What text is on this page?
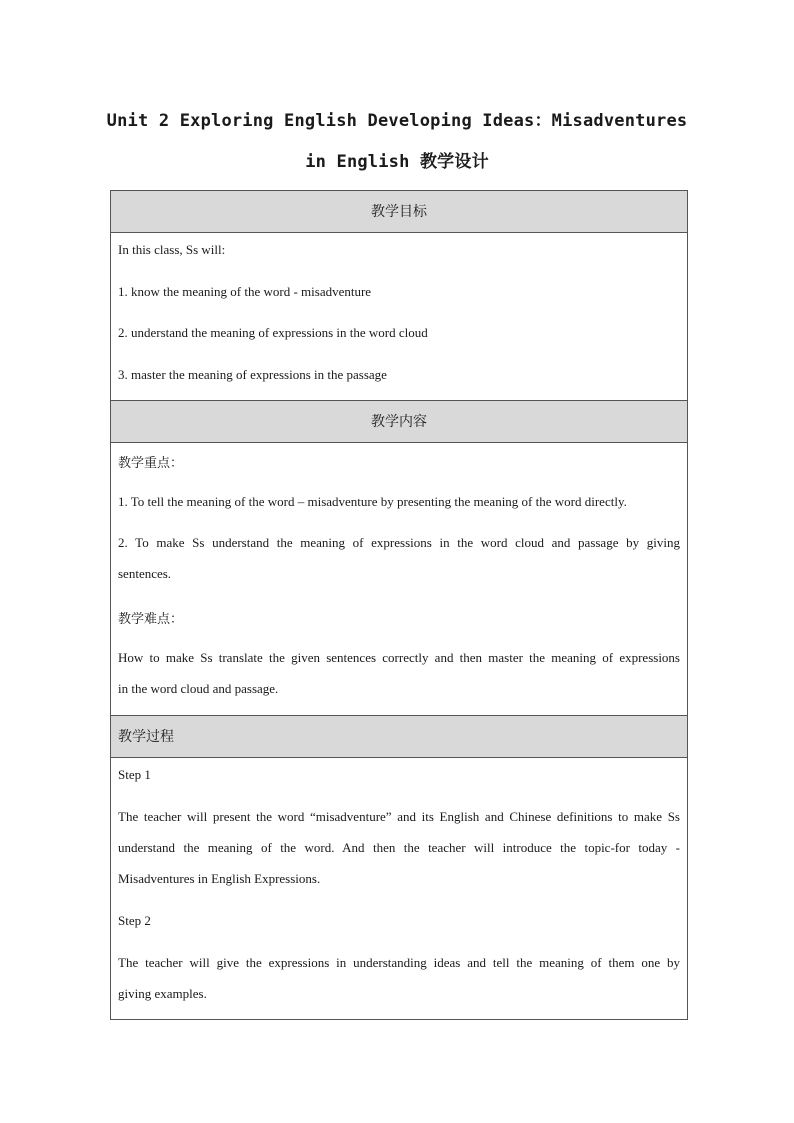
Unit 2 Exploring English Developing Ideas：Misadventures
in English 教学设计
教学目标
In this class, Ss will:
1. know the meaning of the word - misadventure
2. understand the meaning of expressions in the word cloud
3. master the meaning of expressions in the passage
教学内容
教学重点：
1. To tell the meaning of the word – misadventure by presenting the meaning of the word directly.
2. To make Ss understand the meaning of expressions in the word cloud and passage by giving
sentences.
教学难点：
How to make Ss translate the given sentences correctly and then master the meaning of expressions
in the word cloud and passage.
教学过程
Step 1
The teacher will present the word “misadventure” and its English and Chinese definitions to make Ss
understand the meaning of the word. And then the teacher will introduce the topic-for today -
Misadventures in English Expressions.
Step 2
The teacher will give the expressions in understanding ideas and tell the meaning of them one by
giving examples.
